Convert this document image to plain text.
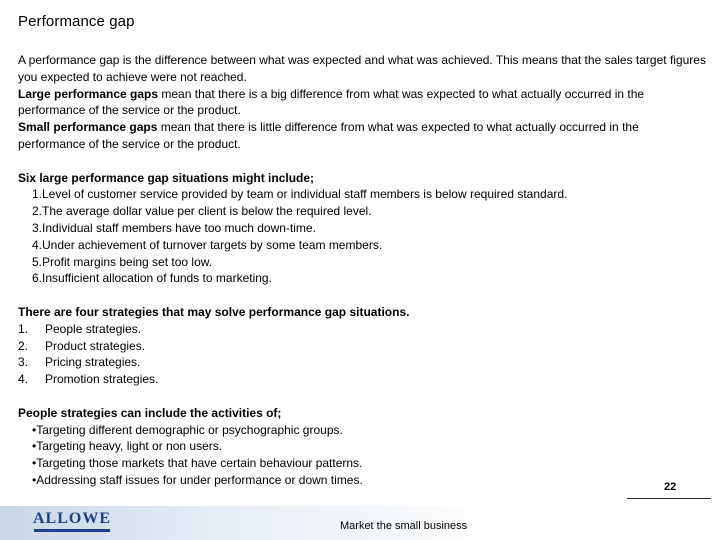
Performance gap

A performance gap is the difference between what was expected and what was achieved. This means that the sales target figures you expected to achieve were not reached.

Large performance gaps mean that there is a big difference from what was expected to what actually occurred in the performance of the service or the product.

Small performance gaps mean that there is little difference from what was expected to what actually occurred in the performance of the service or the product.

Six large performance gap situations might include;

1.Level of customer service provided by team or individual staff members is below required standard.

2.The average dollar value per client is below the required level.

3.Individual staff members have too much down-time.

4.Under achievement of turnover targets by some team members.

5.Profit margins being set too low.

6.Insufficient allocation of funds to marketing.

There are four strategies that may solve performance gap situations.

1.	People strategies.
2.	Product strategies.
3.	Pricing strategies.
4.	Promotion strategies.

People strategies can include the activities of;

•Targeting different demographic or psychographic groups.

•Targeting heavy, light or non users.

•Targeting those markets that have certain behaviour patterns.

•Addressing staff issues for under performance or down times.

ALLOWE	Market the small business
22
